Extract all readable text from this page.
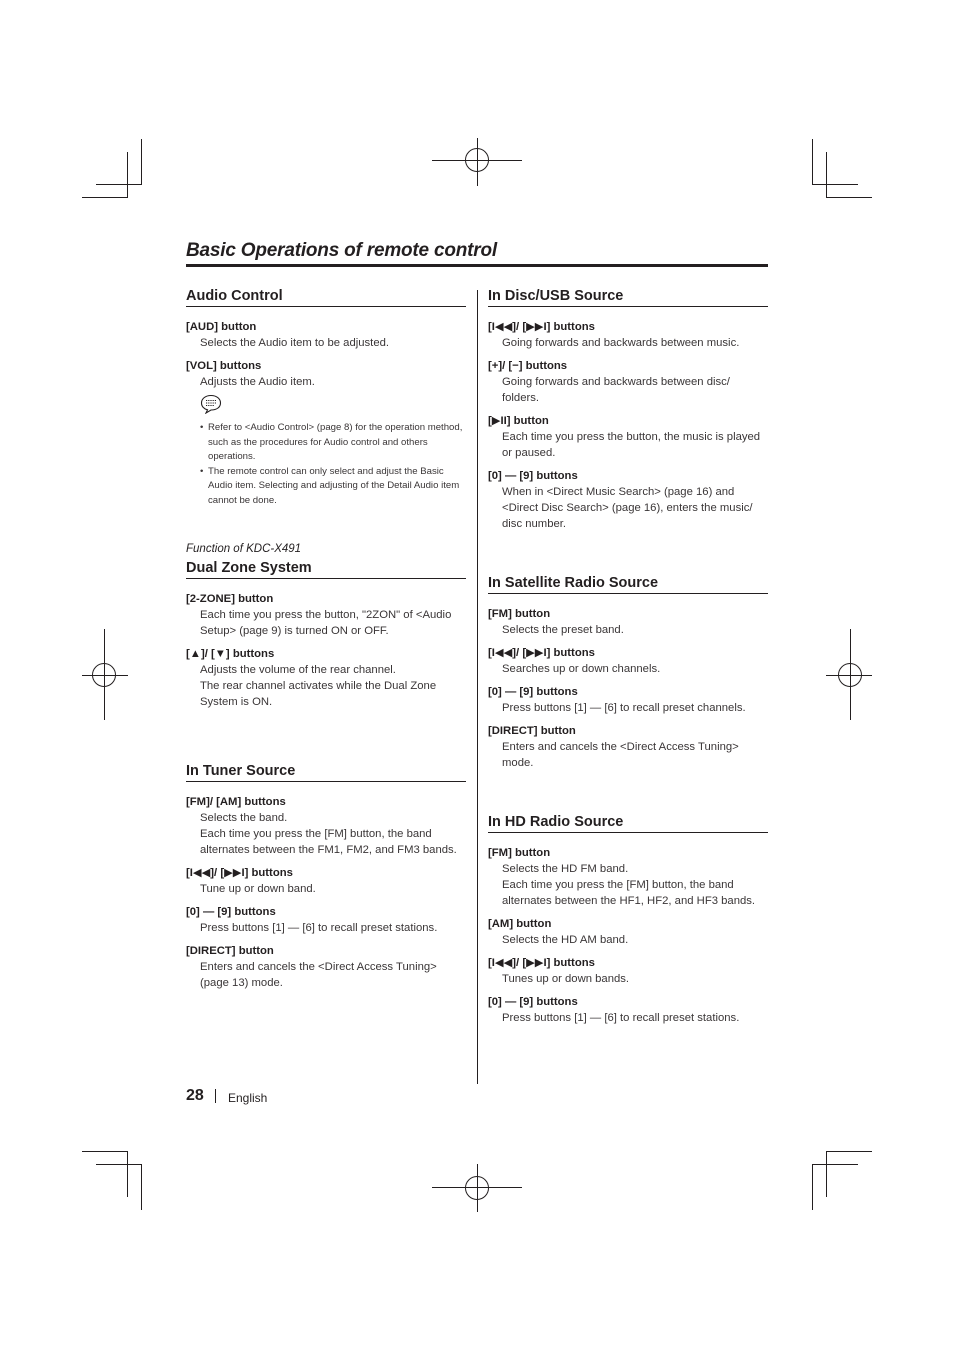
Basic Operations of remote control
Audio Control
[AUD] button
Selects the Audio item to be adjusted.
[VOL] buttons
Adjusts the Audio item.
• Refer to <Audio Control> (page 8) for the operation method, such as the procedures for Audio control and others operations.
• The remote control can only select and adjust the Basic Audio item. Selecting and adjusting of the Detail Audio item cannot be done.
Function of KDC-X491
Dual Zone System
[2-ZONE] button
Each time you press the button, "2ZON" of <Audio Setup> (page 9) is turned ON or OFF.
[▲]/ [▼] buttons
Adjusts the volume of the rear channel.
The rear channel activates while the Dual Zone System is ON.
In Tuner Source
[FM]/ [AM] buttons
Selects the band.
Each time you press the [FM] button, the band alternates between the FM1, FM2, and FM3 bands.
[I◀◀]/ [▶▶I] buttons
Tune up or down band.
[0] — [9] buttons
Press buttons [1] — [6] to recall preset stations.
[DIRECT] button
Enters and cancels the <Direct Access Tuning> (page 13) mode.
In Disc/USB Source
[I◀◀]/ [▶▶I] buttons
Going forwards and backwards between music.
[+]/ [−] buttons
Going forwards and backwards between disc/ folders.
[▶II] button
Each time you press the button, the music is played or paused.
[0] — [9] buttons
When in <Direct Music Search> (page 16) and <Direct Disc Search> (page 16), enters the music/ disc number.
In Satellite Radio Source
[FM] button
Selects the preset band.
[I◀◀]/ [▶▶I] buttons
Searches up or down channels.
[0] — [9] buttons
Press buttons [1] — [6] to recall preset channels.
[DIRECT] button
Enters and cancels the <Direct Access Tuning> mode.
In HD Radio Source
[FM] button
Selects the HD FM band.
Each time you press the [FM] button, the band alternates between the HF1, HF2, and HF3 bands.
[AM] button
Selects the HD AM band.
[I◀◀]/ [▶▶I] buttons
Tunes up or down bands.
[0] — [9] buttons
Press buttons [1] — [6] to recall preset stations.
28 English
